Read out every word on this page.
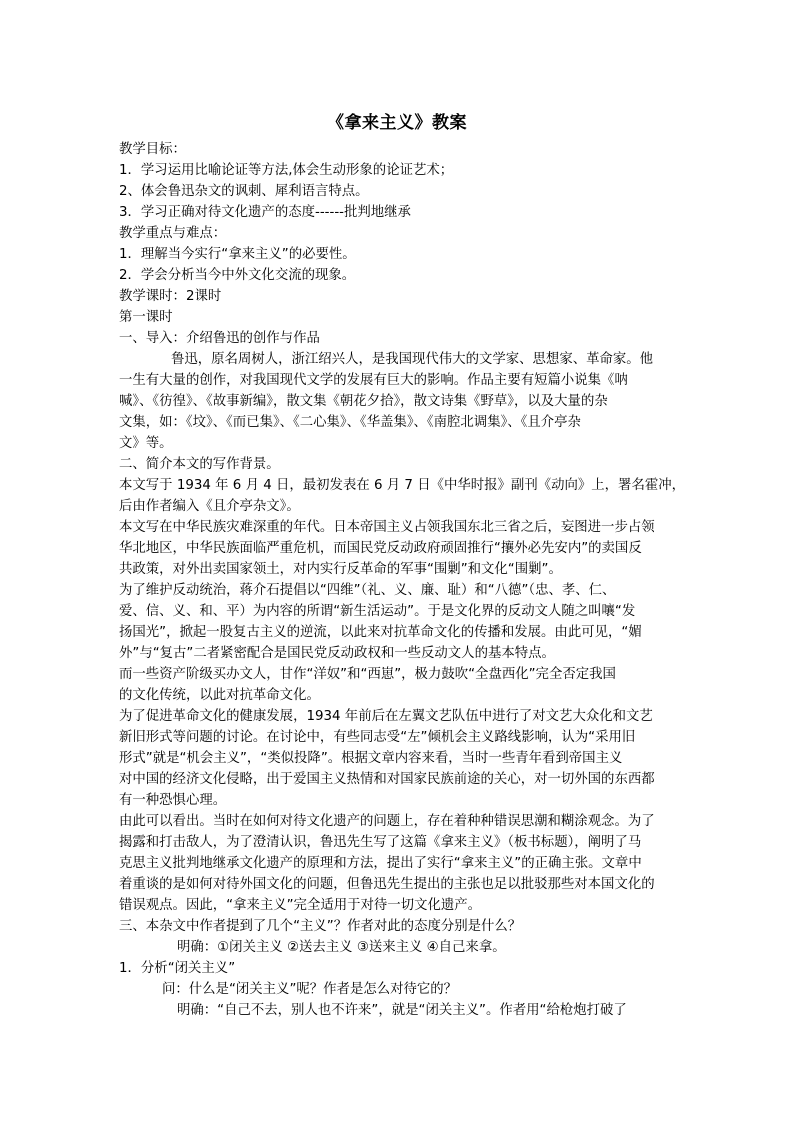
《拿来主义》教案
教学目标：
1．学习运用比喻论证等方法,体会生动形象的论证艺术；
2、体会鲁迅杂文的讽刺、犀利语言特点。
3．学习正确对待文化遗产的态度------批判地继承
教学重点与难点：
1．理解当今实行“拿来主义”的必要性。
2．学会分析当今中外文化交流的现象。
教学课时：2课时
第一课时
一、导入：介绍鲁迅的创作与作品
鲁迅，原名周树人，浙江绍兴人，是我国现代伟大的文学家、思想家、革命家。他
一生有大量的创作，对我国现代文学的发展有巨大的影响。作品主要有短篇小说集《呐
喊》、《彷徨》、《故事新编》，散文集《朝花夕拾》，散文诗集《野草》，以及大量的杂
文集，如：《坟》、《而已集》、《二心集》、《华盖集》、《南腔北调集》、《且介亭杂
文》等。
二、简介本文的写作背景。
本文写于 1934 年 6 月 4 日，最初发表在 6 月 7 日《中华时报》副刊《动向》上，署名霍冲，
后由作者编入《且介亭杂文》。
本文写在中华民族灾难深重的年代。日本帝国主义占领我国东北三省之后，妄图进一步占领
华北地区，中华民族面临严重危机，而国民党反动政府顽固推行“攘外必先安内”的卖国反
共政策，对外出卖国家领土，对内实行反革命的军事“围剿”和文化“围剿”。
为了维护反动统治，蒋介石提倡以“四维”（礼、义、廉、耻）和“八德”（忠、孝、仁、
爱、信、义、和、平）为内容的所谓“新生活运动”。于是文化界的反动文人随之叫嚷“发
扬国光”，掀起一股复古主义的逆流，以此来对抗革命文化的传播和发展。由此可见，“媚
外”与“复古”二者紧密配合是国民党反动政权和一些反动文人的基本特点。
而一些资产阶级买办文人，甘作“洋奴”和“西崽”，极力鼓吹“全盘西化”完全否定我国
的文化传统，以此对抗革命文化。
为了促进革命文化的健康发展，1934 年前后在左翼文艺队伍中进行了对文艺大众化和文艺
新旧形式等问题的讨论。在讨论中，有些同志受“左”倾机会主义路线影响，认为“采用旧
形式”就是“机会主义”，“类似投降”。根据文章内容来看，当时一些青年看到帝国主义
对中国的经济文化侵略，出于爱国主义热情和对国家民族前途的关心，对一切外国的东西都
有一种恐惧心理。
由此可以看出。当时在如何对待文化遗产的问题上，存在着种种错误思潮和糊涂观念。为了
揭露和打击敌人，为了澄清认识，鲁迅先生写了这篇《拿来主义》（板书标题），阐明了马
克思主义批判地继承文化遗产的原理和方法，提出了实行“拿来主义”的正确主张。文章中
着重谈的是如何对待外国文化的问题，但鲁迅先生提出的主张也足以批驳那些对本国文化的
错误观点。因此，“拿来主义”完全适用于对待一切文化遗产。
三、本杂文中作者提到了几个“主义”？作者对此的态度分别是什么？
明确：①闭关主义 ②送去主义 ③送来主义 ④自己来拿。
1．分析“闭关主义”
问：什么是“闭关主义”呢？作者是怎么对待它的？
明确：“自己不去，别人也不许来”，就是“闭关主义”。作者用“给枪炮打破了
